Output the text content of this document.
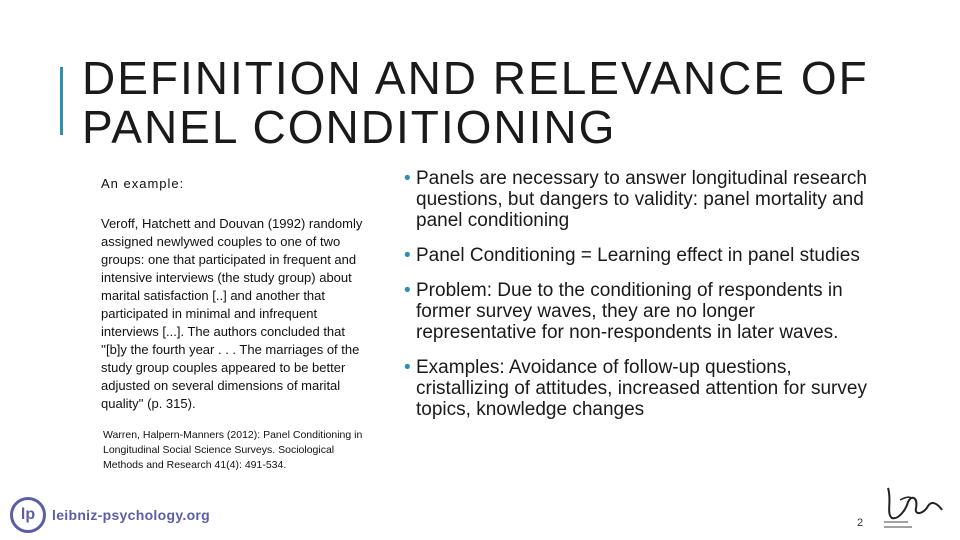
DEFINITION AND RELEVANCE OF
PANEL CONDITIONING

An example:

Veroff, Hatchett and Douvan (1992) randomly assigned newlywed couples to one of two groups: one that participated in frequent and intensive interviews (the study group) about marital satisfaction [..] and another that participated in minimal and infrequent interviews [...]. The authors concluded that ''[b]y the fourth year . . . The marriages of the study group couples appeared to be better adjusted on several dimensions of marital quality'' (p. 315).

Warren, Halpern-Manners (2012): Panel Conditioning in Longitudinal Social Science Surveys. Sociological Methods and Research 41(4): 491-534.
• Panels are necessary to answer longitudinal research questions, but dangers to validity: panel mortality and panel conditioning
• Panel Conditioning = Learning effect in panel studies
• Problem: Due to the conditioning of respondents in former survey waves, they are no longer representative for non-respondents in later waves.
• Examples: Avoidance of follow-up questions, cristallizing of attitudes, increased attention for survey topics, knowledge changes
lp	leibniz-psychology.org	2
